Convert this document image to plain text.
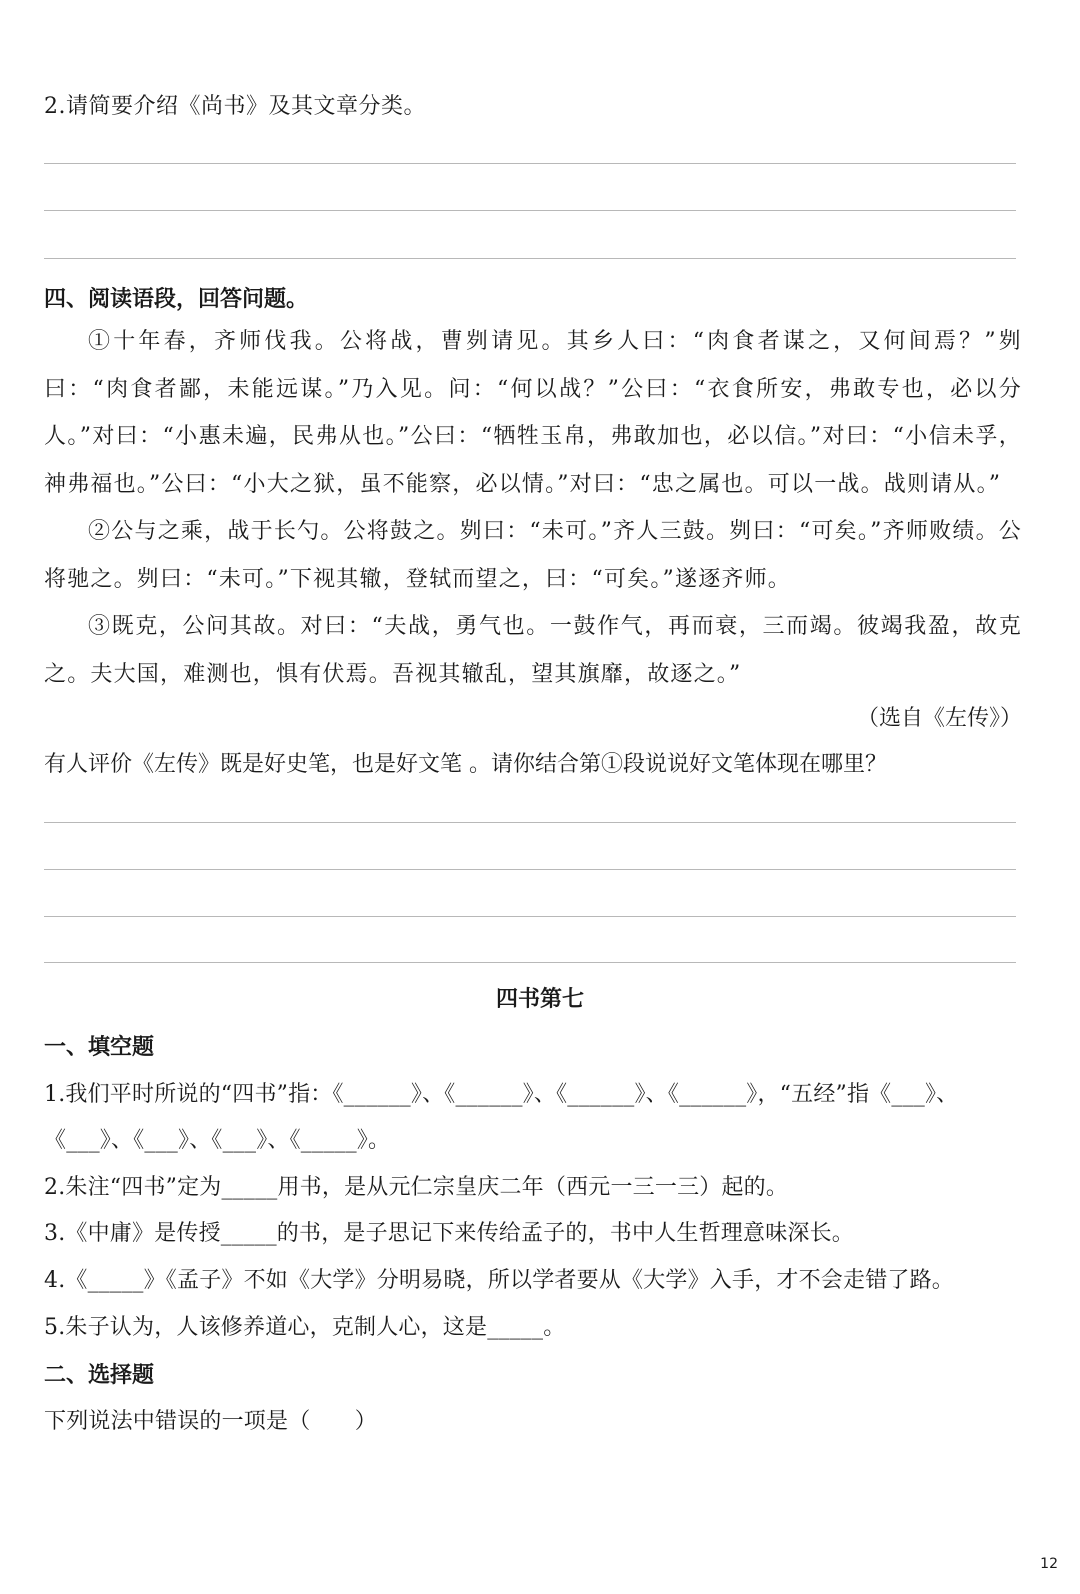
2.请简要介绍《尚书》及其文章分类。
四、阅读语段，回答问题。

①十年春，齐师伐我。公将战，曹刿请见。其乡人曰：“肉食者谋之，又何间焉？”刿曰：“肉食者鄙，未能远谋。”乃入见。问：“何以战？”公曰：“衣食所安，弗敢专也，必以分人。”对曰：“小惠未遍，民弗从也。”公曰：“牺牲玉帛，弗敢加也，必以信。”对曰：“小信未孚，神弗福也。”公曰：“小大之狱，虽不能察，必以情。”对曰：“忠之属也。可以一战。战则请从。”

②公与之乘，战于长勺。公将鼓之。刿曰：“未可。”齐人三鼓。刿曰：“可矣。”齐师败绩。公将驰之。刿曰：“未可。”下视其辙，登轼而望之，曰：“可矣。”遂逐齐师。

③既克，公问其故。对曰：“夫战，勇气也。一鼓作气，再而衰，三而竭。彼竭我盈，故克之。夫大国，难测也，惧有伏焉。吾视其辙乱，望其旗靡，故逐之。”

（选自《左传》）
有人评价《左传》既是好史笔，也是好文笔 。请你结合第①段说说好文笔体现在哪里？
四书第七
一、填空题
1.我们平时所说的“四书”指：《______》、《______》、《______》、《______》，“五经”指《___》、
《___》、《___》、《___》、《_____》。
2.朱注“四书”定为_____用书，是从元仁宗皇庆二年（西元一三一三）起的。
3.《中庸》是传授_____的书，是子思记下来传给孟子的，书中人生哲理意味深长。
4.《_____》《孟子》不如《大学》分明易晓，所以学者要从《大学》入手，才不会走错了路。
5.朱子认为，人该修养道心，克制人心，这是_____。
二、选择题
下列说法中错误的一项是（　　）
12
